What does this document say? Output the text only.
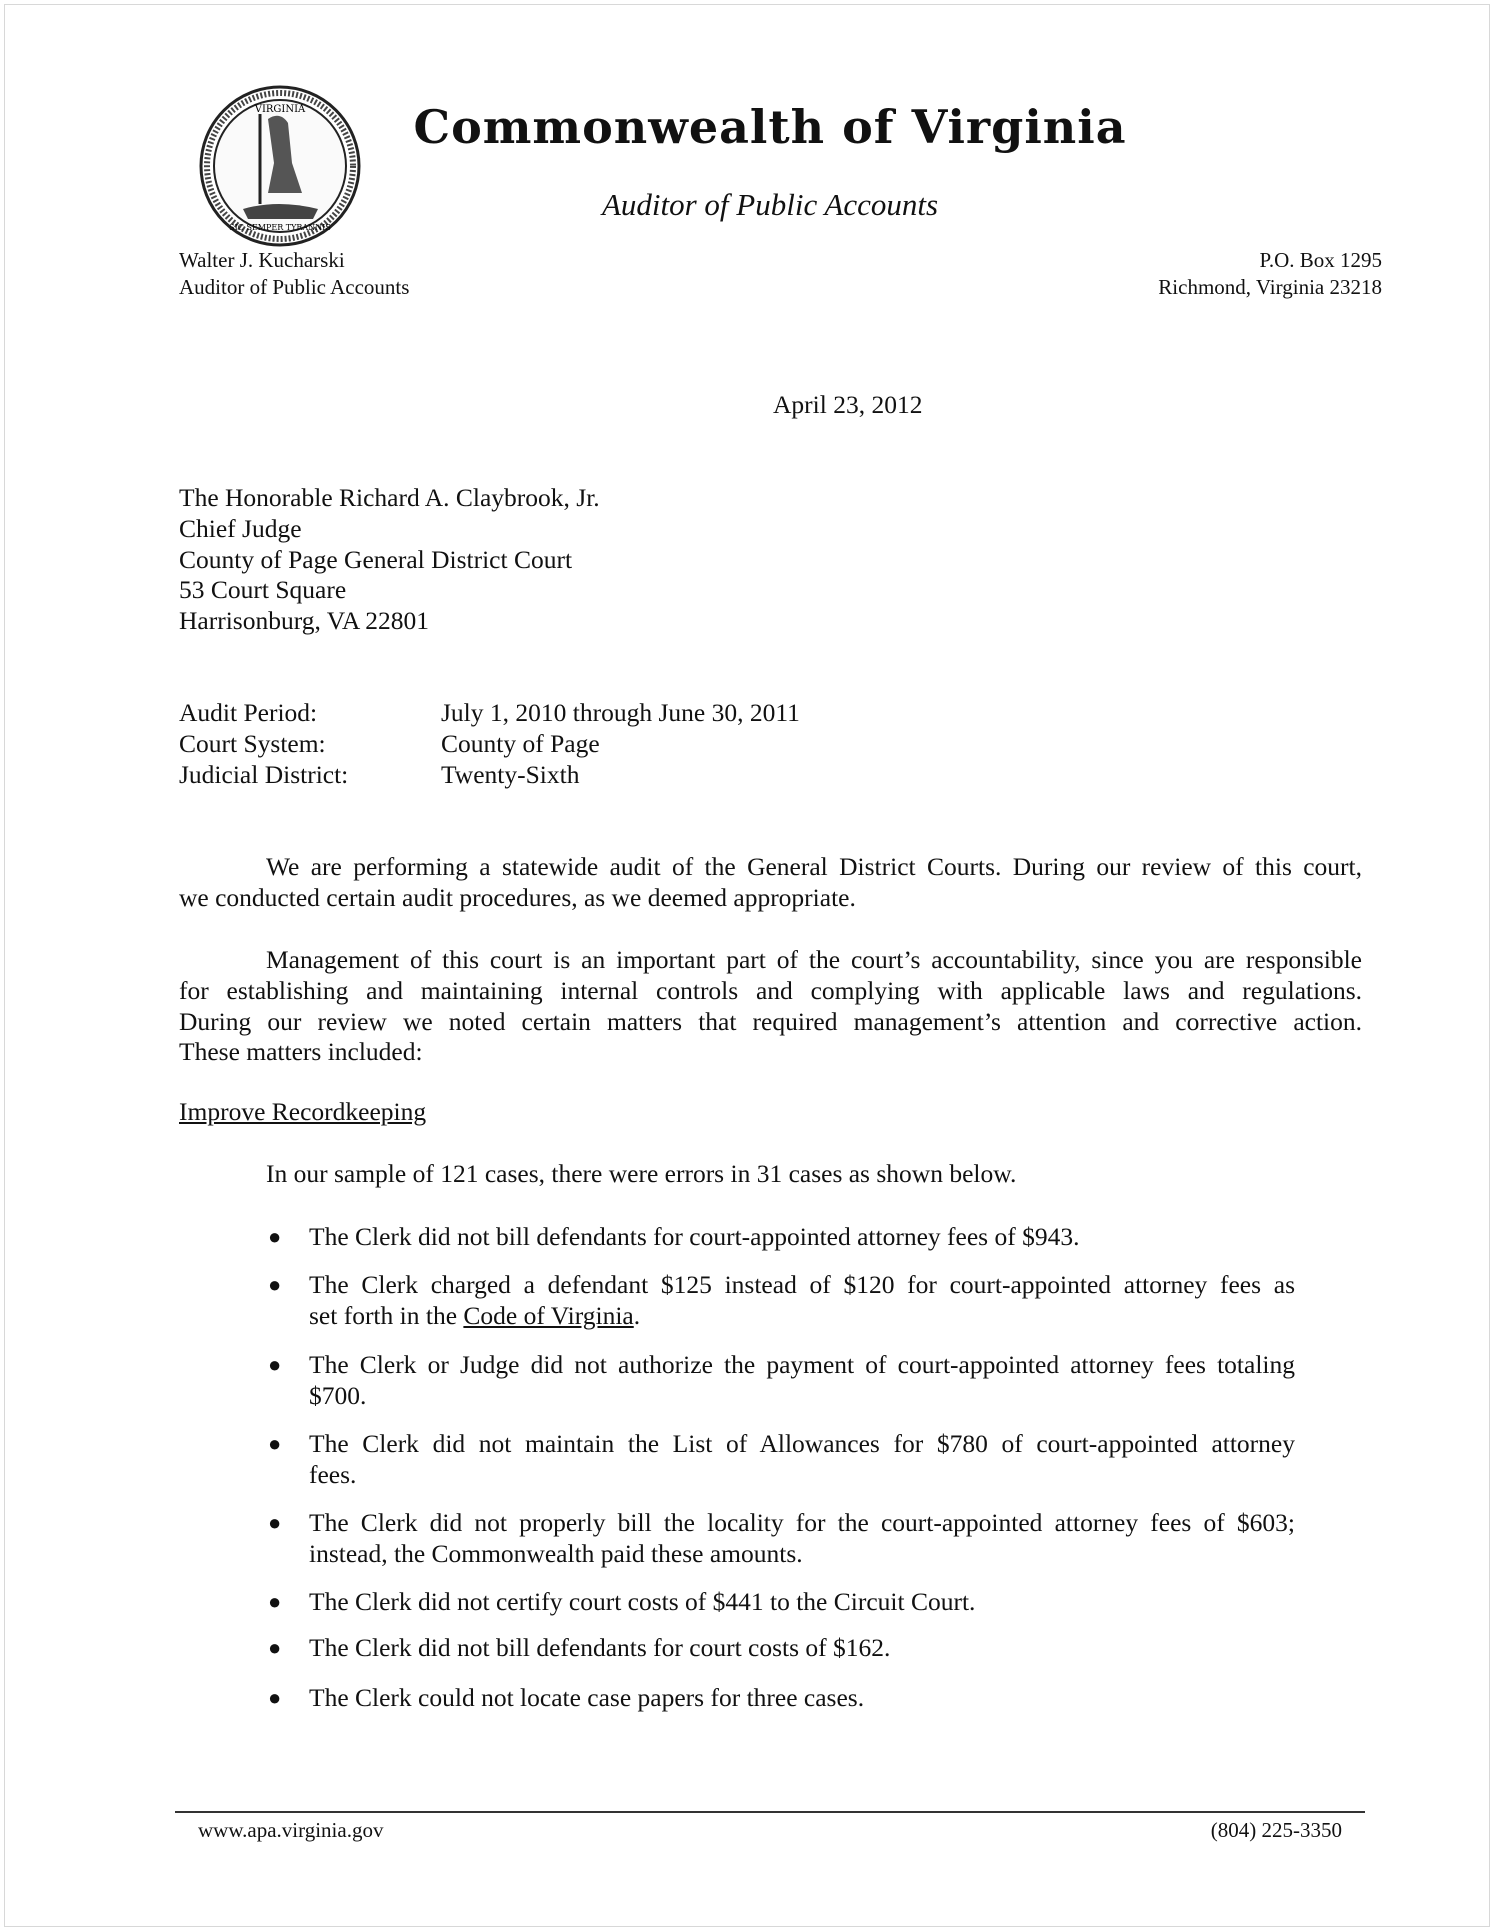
VIRGINIA
SIC SEMPER TYRANNIS
Commonwealth of Virginia
Auditor of Public Accounts
Walter J. Kucharski
Auditor of Public Accounts
P.O. Box 1295
Richmond, Virginia 23218
April 23, 2012
The Honorable Richard A. Claybrook, Jr.
Chief Judge
County of Page General District Court
53 Court Square
Harrisonburg, VA 22801
Audit Period:
Court System:
Judicial District:
July 1, 2010 through June 30, 2011
County of Page
Twenty-Sixth
We are performing a statewide audit of the General District Courts. During our review of this court,
we conducted certain audit procedures, as we deemed appropriate.
Management of this court is an important part of the court’s accountability, since you are responsible
for establishing and maintaining internal controls and complying with applicable laws and regulations.
During our review we noted certain matters that required management’s attention and corrective action.
These matters included:
Improve Recordkeeping
In our sample of 121 cases, there were errors in 31 cases as shown below.
● The Clerk did not bill defendants for court-appointed attorney fees of $943.
● The Clerk charged a defendant $125 instead of $120 for court-appointed attorney fees as
set forth in the Code of Virginia.
● The Clerk or Judge did not authorize the payment of court-appointed attorney fees totaling
$700.
● The Clerk did not maintain the List of Allowances for $780 of court-appointed attorney
fees.
● The Clerk did not properly bill the locality for the court-appointed attorney fees of $603;
instead, the Commonwealth paid these amounts.
● The Clerk did not certify court costs of $441 to the Circuit Court.
● The Clerk did not bill defendants for court costs of $162.
● The Clerk could not locate case papers for three cases.
www.apa.virginia.gov	(804) 225-3350
